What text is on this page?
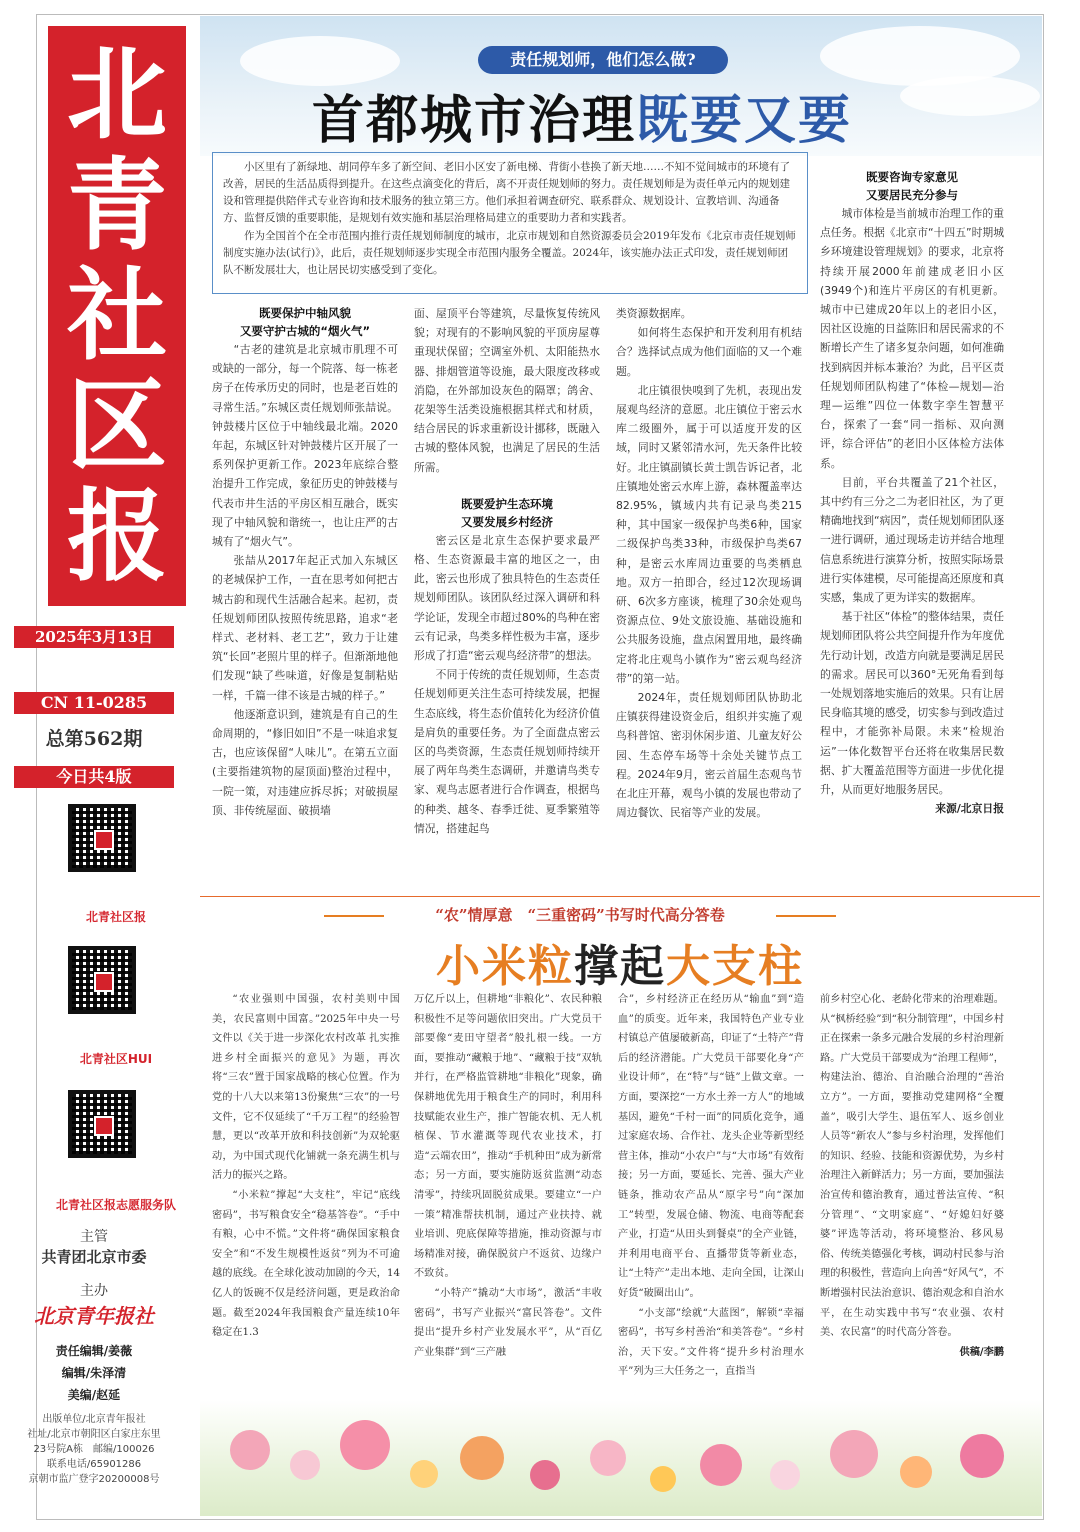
北
青
社
区
报
2025年3月13日
CN 11-0285
总第562期
今日共4版
北青社区报
北青社区HUI
北青社区报志愿服务队
主管
共青团北京市委
主办
北京青年报社
责任编辑/姜薇
编辑/朱泽清
美编/赵延
出版单位/北京青年报社
社址/北京市朝阳区白家庄东里
23号院A栋　邮编/100026
联系电话/65901286
京朝市监广登字20200008号
责任规划师，他们怎么做?
首都城市治理既要又要

小区里有了新绿地、胡同停车多了新空间、老旧小区安了新电梯、背街小巷换了新天地……不知不觉间城市的环境有了改善，居民的生活品质得到提升。在这些点滴变化的背后，离不开责任规划师的努力。责任规划师是为责任单元内的规划建设和管理提供陪伴式专业咨询和技术服务的独立第三方。他们承担着调查研究、联系群众、规划设计、宣教培训、沟通备方、监督反馈的重要职能，是规划有效实施和基层治理格局建立的重要助力者和实践者。

作为全国首个在全市范围内推行责任规划师制度的城市，北京市规划和自然资源委员会2019年发布《北京市责任规划师制度实施办法(试行)》，此后，责任规划师逐步实现全市范围内服务全覆盖。2024年，该实施办法正式印发，责任规划师团队不断发展壮大，也让居民切实感受到了变化。

既要保护中轴风貌
又要守护古城的“烟火气”

“古老的建筑是北京城市肌理不可或缺的一部分，每一个院落、每一栋老房子在传承历史的同时，也是老百姓的寻常生活。”东城区责任规划师张喆说。钟鼓楼片区位于中轴线最北端。2020年起，东城区针对钟鼓楼片区开展了一系列保护更新工作。2023年底综合整治提升工作完成，象征历史的钟鼓楼与代表市井生活的平房区相互融合，既实现了中轴风貌和谐统一，也让庄严的古城有了“烟火气”。

张喆从2017年起正式加入东城区的老城保护工作，一直在思考如何把古城古韵和现代生活融合起来。起初，责任规划师团队按照传统思路，追求“老样式、老材料、老工艺”，致力于让建筑“长回”老照片里的样子。但渐渐地他们发现“缺了些味道，好像是复制粘贴一样，千篇一律不该是古城的样子。”

他逐渐意识到，建筑是有自己的生命周期的，“修旧如旧”不是一味追求复古，也应该保留“人味儿”。在第五立面(主要指建筑物的屋顶面)整治过程中，一院一策，对违建应拆尽拆；对破损屋顶、非传统屋面、破损墙

面、屋顶平台等建筑，尽量恢复传统风貌；对现有的不影响风貌的平顶房屋尊重现状保留；空调室外机、太阳能热水器、排烟管道等设施，最大限度改移或消隐，在外部加设灰色的隔罩；鸽舍、花架等生活类设施根据其样式和材质，结合居民的诉求重新设计挪移，既融入古城的整体风貌，也满足了居民的生活所需。

既要爱护生态环境
又要发展乡村经济

密云区是北京生态保护要求最严格、生态资源最丰富的地区之一，由此，密云也形成了独具特色的生态责任规划师团队。该团队经过深入调研和科学论证，发现全市超过80%的鸟种在密云有记录，鸟类多样性极为丰富，逐步形成了打造“密云观鸟经济带”的想法。

不同于传统的责任规划师，生态责任规划师更关注生态可持续发展，把握生态底线，将生态价值转化为经济价值是肩负的重要任务。为了全面盘点密云区的鸟类资源，生态责任规划师持续开展了两年鸟类生态调研，并邀请鸟类专家、观鸟志愿者进行合作调查，根据鸟的种类、越冬、春季迁徙、夏季繁殖等情况，搭建起鸟

类资源数据库。

如何将生态保护和开发利用有机结合？选择试点成为他们面临的又一个难题。

北庄镇很快嗅到了先机，表现出发展观鸟经济的意愿。北庄镇位于密云水库二级圈外，属于可以适度开发的区域，同时又紧邻清水河，先天条件比较好。北庄镇副镇长黄士凯告诉记者，北庄镇地处密云水库上游，森林覆盖率达82.95%，镇域内共有记录鸟类215种，其中国家一级保护鸟类6种，国家二级保护鸟类33种，市级保护鸟类67种，是密云水库周边重要的鸟类栖息地。双方一拍即合，经过12次现场调研、6次多方座谈，梳理了30余处观鸟资源点位、9处文旅设施、基础设施和公共服务设施，盘点闲置用地，最终确定将北庄观鸟小镇作为“密云观鸟经济带”的第一站。

2024年，责任规划师团队协助北庄镇获得建设资金后，组织并实施了观鸟科普馆、密羽休闲步道、儿童友好公园、生态停车场等十余处关键节点工程。2024年9月，密云首届生态观鸟节在北庄开幕，观鸟小镇的发展也带动了周边餐饮、民宿等产业的发展。

既要咨询专家意见
又要居民充分参与

城市体检是当前城市治理工作的重点任务。根据《北京市“十四五”时期城乡环境建设管理规划》的要求，北京将持续开展2000年前建成老旧小区(3949个)和连片平房区的有机更新。城市中已建成20年以上的老旧小区，因社区设施的日益陈旧和居民需求的不断增长产生了诸多复杂问题，如何准确找到病因并标本兼治？为此，吕平区责任规划师团队构建了“体检—规划—治理—运维”四位一体数字孪生智慧平台，探索了一套“同一指标、双向测评，综合评估”的老旧小区体检方法体系。

目前，平台共覆盖了21个社区，其中约有三分之二为老旧社区，为了更精确地找到“病因”，责任规划师团队逐一进行调研，通过现场走访并结合地理信息系统进行演算分析，按照实际场景进行实体建模，尽可能提高还原度和真实感，集成了更为详实的数据库。

基于社区“体检”的整体结果，责任规划师团队将公共空间提升作为年度优先行动计划，改造方向就是要满足居民的需求。居民可以360°无死角看到每一处规划落地实施后的效果。只有让居民身临其境的感受，切实参与到改造过程中，才能弥补局限。未来“检规治运”一体化数智平台还将在收集居民数据、扩大覆盖范围等方面进一步优化提升，从而更好地服务居民。

来源/北京日报
“农”情厚意　“三重密码”书写时代高分答卷
小米粒撑起大支柱

“农业强则中国强，农村美则中国美，农民富则中国富。”2025年中央一号文件以《关于进一步深化农村改革 扎实推进乡村全面振兴的意见》为题，再次将“三农”置于国家战略的核心位置。作为党的十八大以来第13份聚焦“三农”的一号文件，它不仅延续了“千万工程”的经验智慧，更以“改革开放和科技创新”为双轮驱动，为中国式现代化铺就一条充满生机与活力的振兴之路。

“小米粒”撑起“大支柱”，牢记“底线密码”，书写粮食安全“稳基答卷”。“手中有粮，心中不慌。”文件将“确保国家粮食安全”和“不发生规模性返贫”列为不可逾越的底线。在全球化波动加剧的今天，14亿人的饭碗不仅是经济问题，更是政治命题。截至2024年我国粮食产量连续10年稳定在1.3

万亿斤以上，但耕地“非粮化”、农民种粮积极性不足等问题依旧突出。广大党员干部要像“麦田守望者”般扎根一线。一方面，要推动“藏粮于地”、“藏粮于技”双轨并行，在严格监管耕地“非粮化”现象，确保耕地优先用于粮食生产的同时，利用科技赋能农业生产，推广智能农机、无人机植保、节水灌溉等现代农业技术，打造“云端农田”，推动“手机种田”成为新常态；另一方面，要实施防返贫监测“动态清零”，持续巩固脱贫成果。要建立“一户一策”精准帮扶机制，通过产业扶持、就业培训、兜底保障等措施，推动资源与市场精准对接，确保脱贫户不返贫、边缘户不致贫。

“小特产”撬动“大市场”，激活“丰收密码”，书写产业振兴“富民答卷”。文件提出“提升乡村产业发展水平”，从“百亿产业集群”到“三产融

合”，乡村经济正在经历从“输血”到“造血”的质变。近年来，我国特色产业专业村镇总产值屡破新高，印证了“土特产”背后的经济潜能。广大党员干部要化身“产业设计师”，在“特”与“链”上做文章。一方面，要深挖“一方水土养一方人”的地域基因，避免“千村一面”的同质化竞争，通过家庭农场、合作社、龙头企业等新型经营主体，推动“小农户”与“大市场”有效衔接；另一方面，要延长、完善、强大产业链条，推动农产品从“原字号”向“深加工”转型，发展仓储、物流、电商等配套产业，打造“从田头到餐桌”的全产业链，并利用电商平台、直播带货等新业态，让“土特产”走出本地、走向全国，让深山好货“破圈出山”。

“小支部”绘就“大蓝图”，解锁“幸福密码”，书写乡村善治“和美答卷”。“乡村治，天下安。”文件将“提升乡村治理水平”列为三大任务之一，直指当

前乡村空心化、老龄化带来的治理难题。从“枫桥经验”到“积分制管理”，中国乡村正在探索一条多元融合发展的乡村治理新路。广大党员干部要成为“治理工程师”，构建法治、德治、自治融合治理的“善治立方”。一方面，要推动党建网格“全覆盖”，吸引大学生、退伍军人、返乡创业人员等“新农人”参与乡村治理，发挥他们的知识、经验、技能和资源优势，为乡村治理注入新鲜活力；另一方面，要加强法治宣传和德治教育，通过普法宣传、“积分管理”、“文明家庭”、“好媳妇好婆婆”评选等活动，将环境整治、移风易俗、传统美德强化考核，调动村民参与治理的积极性，营造向上向善“好风气”，不断增强村民法治意识、德治观念和自治水平，在生动实践中书写“农业强、农村美、农民富”的时代高分答卷。

供稿/李鹏
